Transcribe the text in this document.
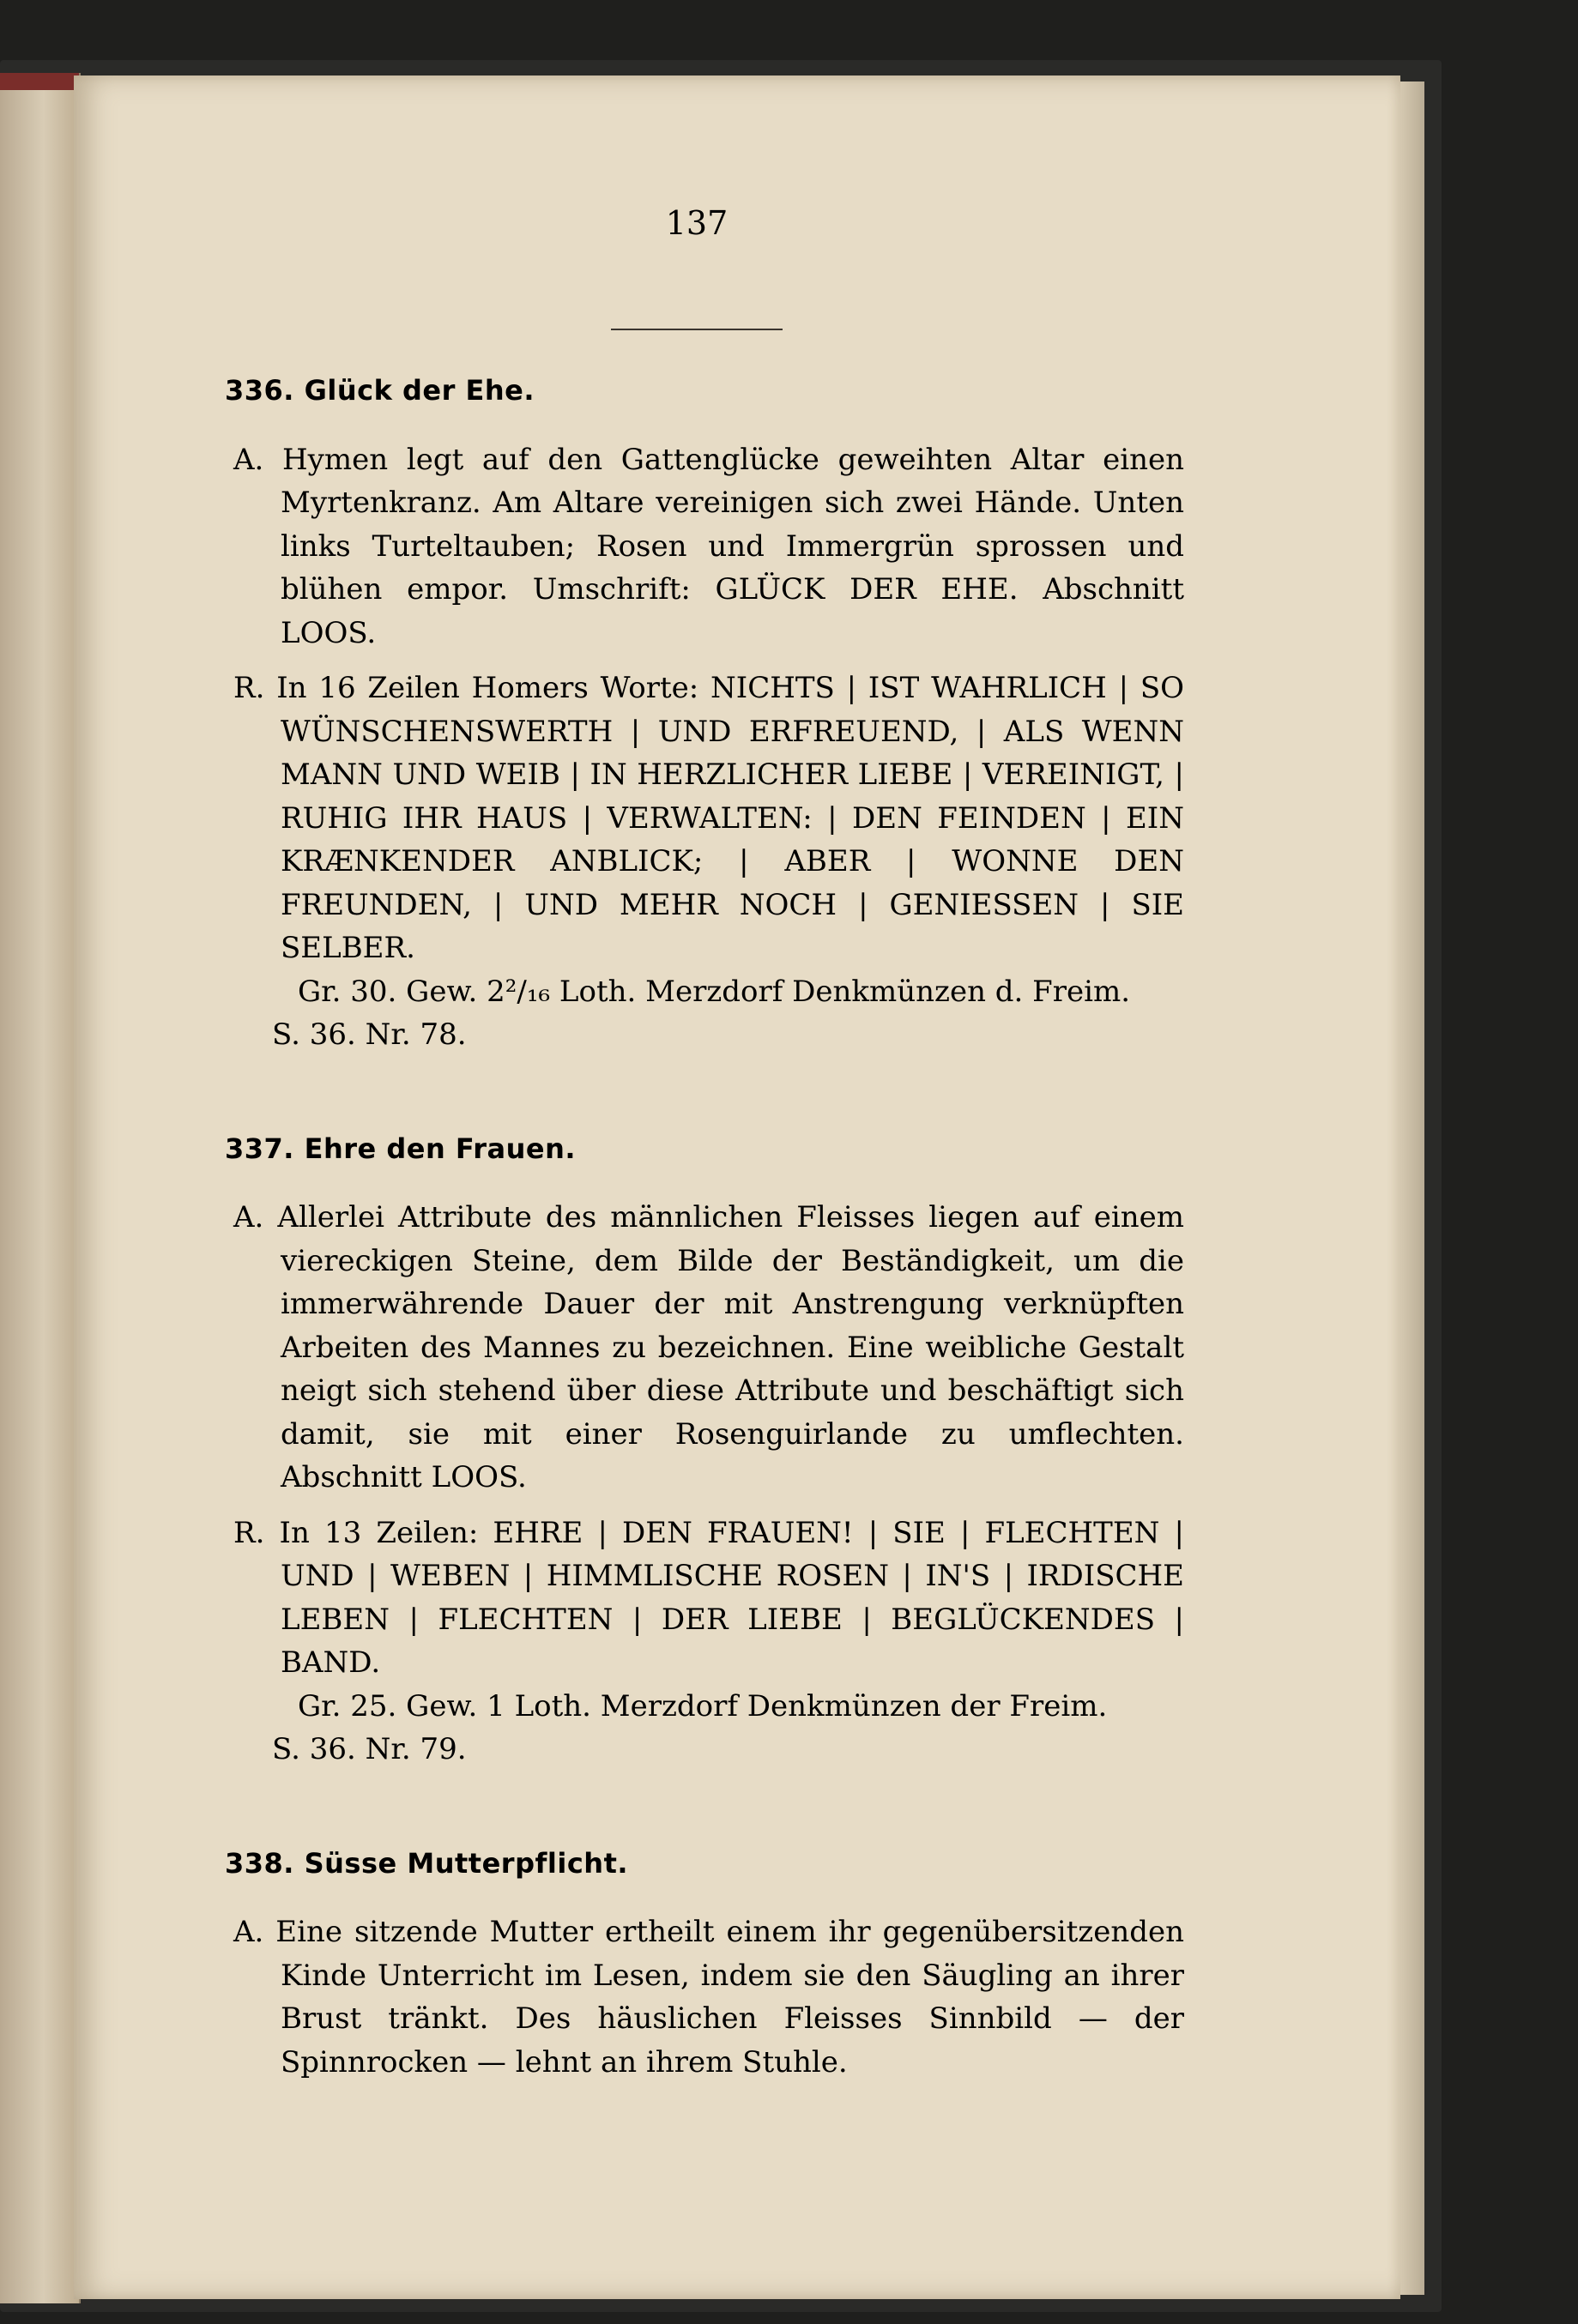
137
336. Glück der Ehe.
A. Hymen legt auf den Gattenglücke geweihten Altar einen Myrtenkranz. Am Altare vereinigen sich zwei Hände. Unten links Turteltauben; Rosen und Immergrün sprossen und blühen empor. Umschrift: GLÜCK DER EHE. Abschnitt LOOS.
R. In 16 Zeilen Homers Worte: NICHTS | IST WAHRLICH | SO WÜNSCHENSWERTH | UND ERFREUEND, | ALS WENN MANN UND WEIB | IN HERZLICHER LIEBE | VEREINIGT, | RUHIG IHR HAUS | VERWALTEN: | DEN FEINDEN | EIN KRÆNKENDER ANBLICK; | ABER | WONNE DEN FREUNDEN, | UND MEHR NOCH | GENIESSEN | SIE SELBER.
Gr. 30. Gew. 2²/₁₆ Loth. Merzdorf Denkmünzen d. Freim.
S. 36. Nr. 78.
337. Ehre den Frauen.
A. Allerlei Attribute des männlichen Fleisses liegen auf einem viereckigen Steine, dem Bilde der Beständigkeit, um die immerwährende Dauer der mit Anstrengung verknüpften Arbeiten des Mannes zu bezeichnen. Eine weibliche Gestalt neigt sich stehend über diese Attribute und beschäftigt sich damit, sie mit einer Rosenguirlande zu umflechten. Abschnitt LOOS.
R. In 13 Zeilen: EHRE | DEN FRAUEN! | SIE | FLECHTEN | UND | WEBEN | HIMMLISCHE ROSEN | IN'S | IRDISCHE LEBEN | FLECHTEN | DER LIEBE | BEGLÜCKENDES | BAND.
Gr. 25. Gew. 1 Loth. Merzdorf Denkmünzen der Freim.
S. 36. Nr. 79.
338. Süsse Mutterpflicht.
A. Eine sitzende Mutter ertheilt einem ihr gegenübersitzenden Kinde Unterricht im Lesen, indem sie den Säugling an ihrer Brust tränkt. Des häuslichen Fleisses Sinnbild — der Spinnrocken — lehnt an ihrem Stuhle.
